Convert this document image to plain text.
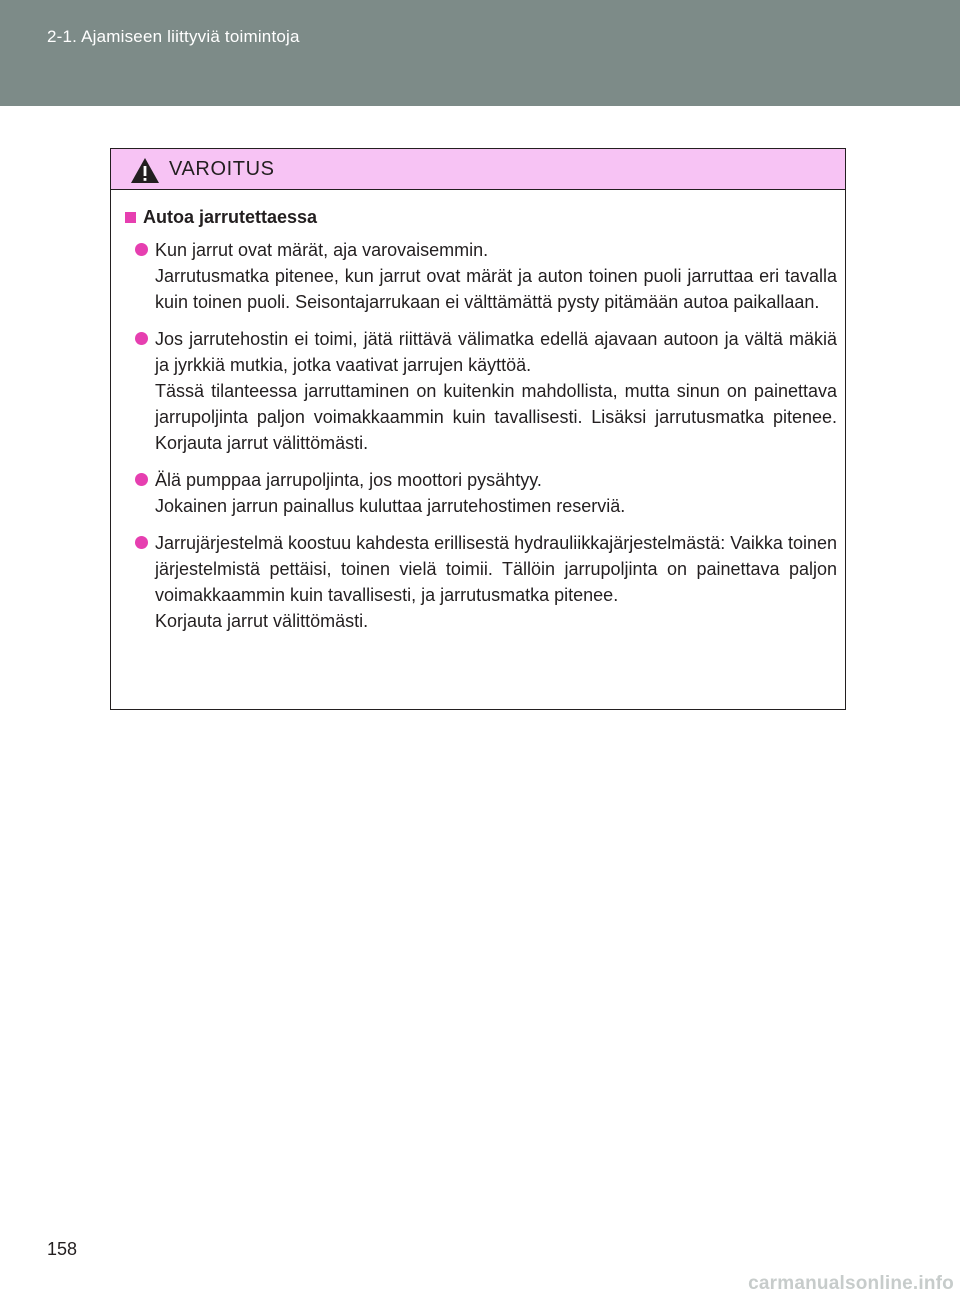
2-1. Ajamiseen liittyviä toimintoja
VAROITUS
Autoa jarrutettaessa

Kun jarrut ovat märät, aja varovaisemmin.

Jarrutusmatka pitenee, kun jarrut ovat märät ja auton toinen puoli jarruttaa eri tavalla kuin toinen puoli. Seisontajarrukaan ei välttämättä pysty pitämään autoa paikallaan.

Jos jarrutehostin ei toimi, jätä riittävä välimatka edellä ajavaan autoon ja vältä mäkiä ja jyrkkiä mutkia, jotka vaativat jarrujen käyttöä.

Tässä tilanteessa jarruttaminen on kuitenkin mahdollista, mutta sinun on painettava jarrupoljinta paljon voimakkaammin kuin tavallisesti. Lisäksi jarrutusmatka pitenee. Korjauta jarrut välittömästi.

Älä pumppaa jarrupoljinta, jos moottori pysähtyy.

Jokainen jarrun painallus kuluttaa jarrutehostimen reserviä.

Jarrujärjestelmä koostuu kahdesta erillisestä hydrauliikkajärjestelmästä: Vaikka toinen järjestelmistä pettäisi, toinen vielä toimii. Tällöin jarrupoljinta on painettava paljon voimakkaammin kuin tavallisesti, ja jarrutusmatka pitenee.

Korjauta jarrut välittömästi.

158
carmanualsonline.info
